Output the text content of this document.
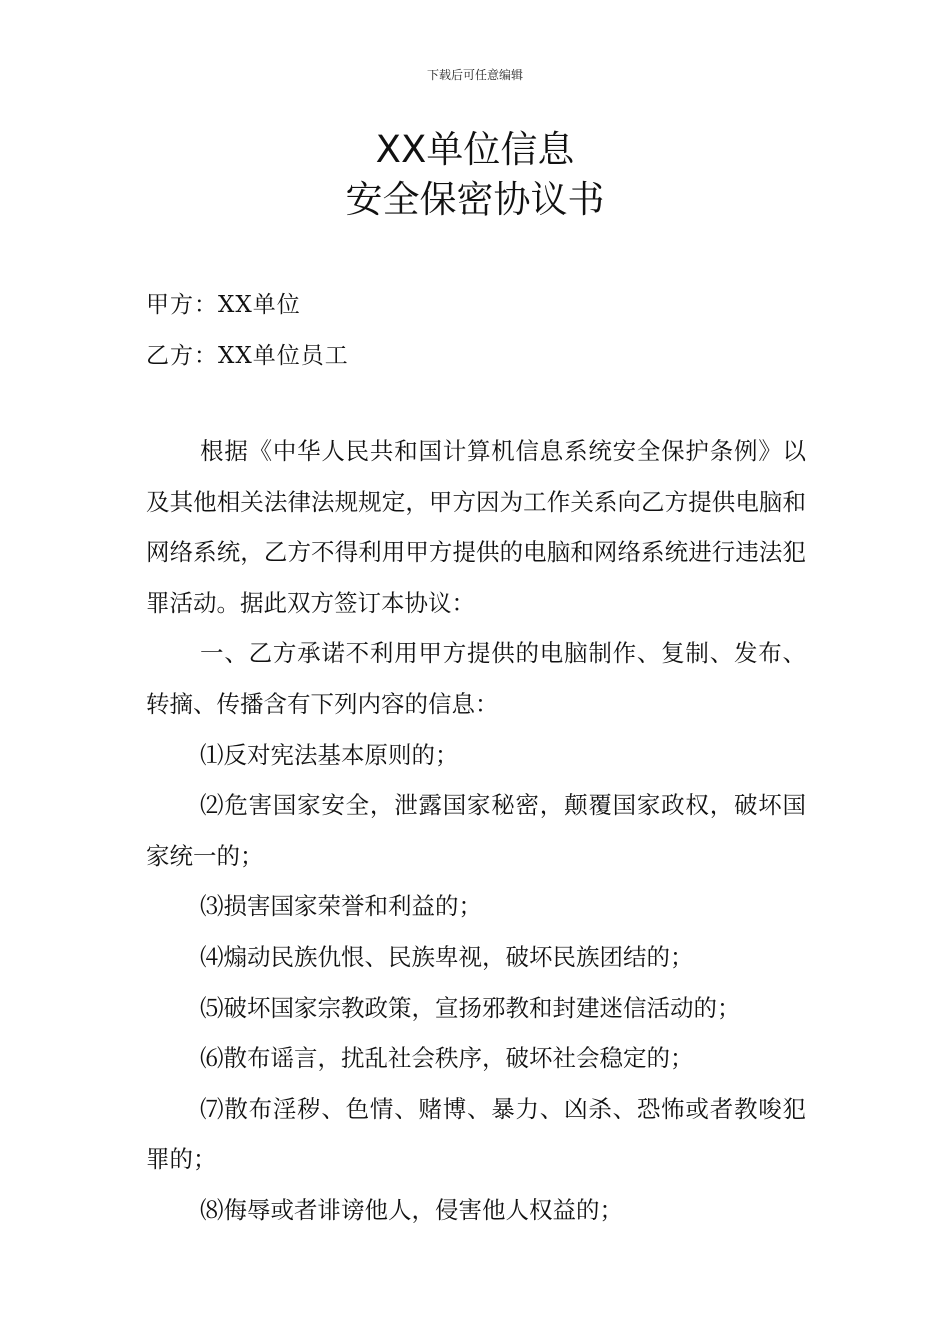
下载后可任意编辑
XX单位信息
安全保密协议书
甲方：XX单位
乙方：XX单位员工

根据《中华人民共和国计算机信息系统安全保护条例》以及其他相关法律法规规定，甲方因为工作关系向乙方提供电脑和网络系统，乙方不得利用甲方提供的电脑和网络系统进行违法犯罪活动。据此双方签订本协议：

一、乙方承诺不利用甲方提供的电脑制作、复制、发布、转摘、传播含有下列内容的信息：

⑴反对宪法基本原则的；

⑵危害国家安全，泄露国家秘密，颠覆国家政权，破坏国家统一的；

⑶损害国家荣誉和利益的；

⑷煽动民族仇恨、民族卑视，破坏民族团结的；

⑸破坏国家宗教政策，宣扬邪教和封建迷信活动的；

⑹散布谣言，扰乱社会秩序，破坏社会稳定的；

⑺散布淫秽、色情、赌博、暴力、凶杀、恐怖或者教唆犯罪的；

⑻侮辱或者诽谤他人，侵害他人权益的；
